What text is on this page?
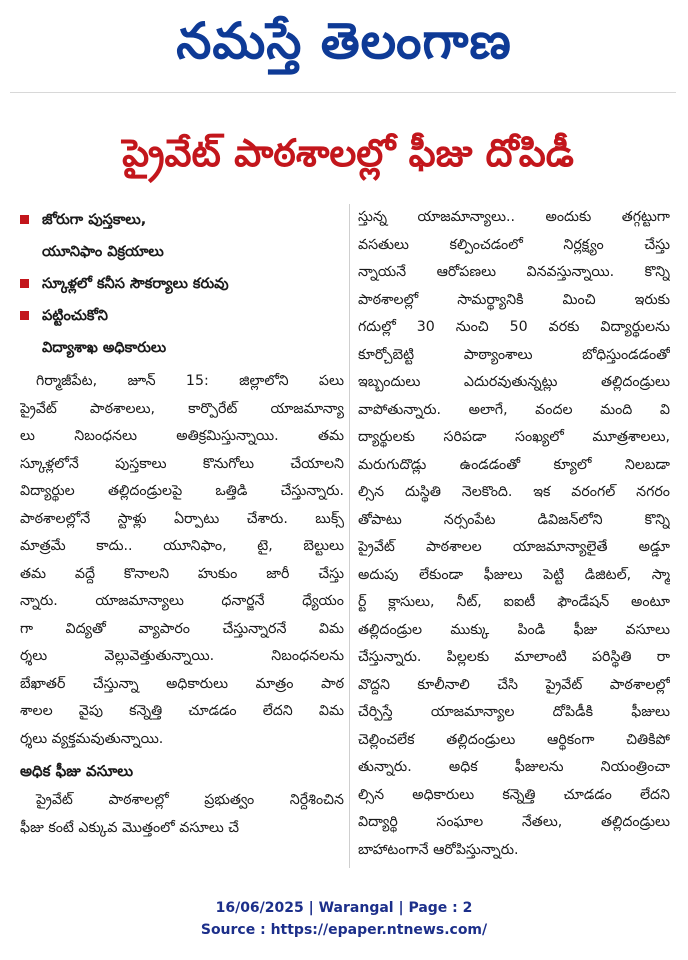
నమస్తే తెలంగాణ
ప్రైవేట్ పాఠశాలల్లో ఫీజు దోపిడీ
జోరుగా పుస్తకాలు,
యూనిఫాం విక్రయాలు
స్కూళ్లలో కనీస సౌకర్యాలు కరువు
పట్టించుకోని
విద్యాశాఖ అధికారులు
గిర్మాజీపేట, జూన్ 15: జిల్లాలోని పలు
ప్రైవేట్ పాఠశాలలు, కార్పొరేట్ యాజమాన్యా
లు నిబంధనలు అతిక్రమిస్తున్నాయి. తమ
స్కూళ్లలోనే పుస్తకాలు కొనుగోలు చేయాలని
విద్యార్థుల తల్లిదండ్రులపై ఒత్తిడి చేస్తున్నారు.
పాఠశాలల్లోనే స్టాళ్లు ఏర్పాటు చేశారు. బుక్స్
మాత్రమే కాదు.. యూనిఫాం, టై, బెల్టులు
తమ వద్దే కొనాలని హుకుం జారీ చేస్తు
న్నారు. యాజమాన్యాలు ధనార్జనే ధ్యేయం
గా విద్యతో వ్యాపారం చేస్తున్నారనే విమ
ర్శలు వెల్లువెత్తుతున్నాయి. నిబంధనలను
బేఖాతర్ చేస్తున్నా అధికారులు మాత్రం పాఠ
శాలల వైపు కన్నెత్తి చూడడం లేదని విమ
ర్శలు వ్యక్తమవుతున్నాయి.
అధిక ఫీజు వసూలు
ప్రైవేట్ పాఠశాలల్లో ప్రభుత్వం నిర్దేశించిన
ఫీజు కంటే ఎక్కువ మొత్తంలో వసూలు చే
స్తున్న యాజమాన్యాలు.. అందుకు తగ్గట్టుగా
వసతులు కల్పించడంలో నిర్లక్ష్యం చేస్తు
న్నాయనే ఆరోపణలు వినవస్తున్నాయి. కొన్ని
పాఠశాలల్లో సామర్థ్యానికి మించి ఇరుకు
గదుల్లో 30 నుంచి 50 వరకు విద్యార్థులను
కూర్చోబెట్టి పాఠ్యాంశాలు బోధిస్తుండడంతో
ఇబ్బందులు ఎదురవుతున్నట్లు తల్లిదండ్రులు
వాపోతున్నారు. అలాగే, వందల మంది వి
ద్యార్థులకు సరిపడా సంఖ్యలో మూత్రశాలలు,
మరుగుదొడ్లు ఉండడంతో క్యూలో నిలబడా
ల్సిన దుస్థితి నెలకొంది. ఇక వరంగల్ నగరం
తోపాటు నర్సంపేట డివిజన్‌లోని కొన్ని
ప్రైవేట్ పాఠశాలల యాజమాన్యాలైతే అడ్డూ
అదుపు లేకుండా ఫీజులు పెట్టి డిజిటల్, స్మా
ర్ట్ క్లాసులు, నీట్, ఐఐటీ ఫౌండేషన్ అంటూ
తల్లిదండ్రుల ముక్కు పిండి ఫీజు వసూలు
చేస్తున్నారు. పిల్లలకు మాలాంటి పరిస్థితి రా
వొద్దని కూలీనాలి చేసి ప్రైవేట్ పాఠశాలల్లో
చేర్పిస్తే యాజమాన్యాల దోపిడీకి ఫీజులు
చెల్లించలేక తల్లిదండ్రులు ఆర్థికంగా చితికిపో
తున్నారు. అధిక ఫీజులను నియంత్రించా
ల్సిన అధికారులు కన్నెత్తి చూడడం లేదని
విద్యార్థి సంఘాల నేతలు, తల్లిదండ్రులు
బాహాటంగానే ఆరోపిస్తున్నారు.
16/06/2025 | Warangal | Page : 2
Source : https://epaper.ntnews.com/
